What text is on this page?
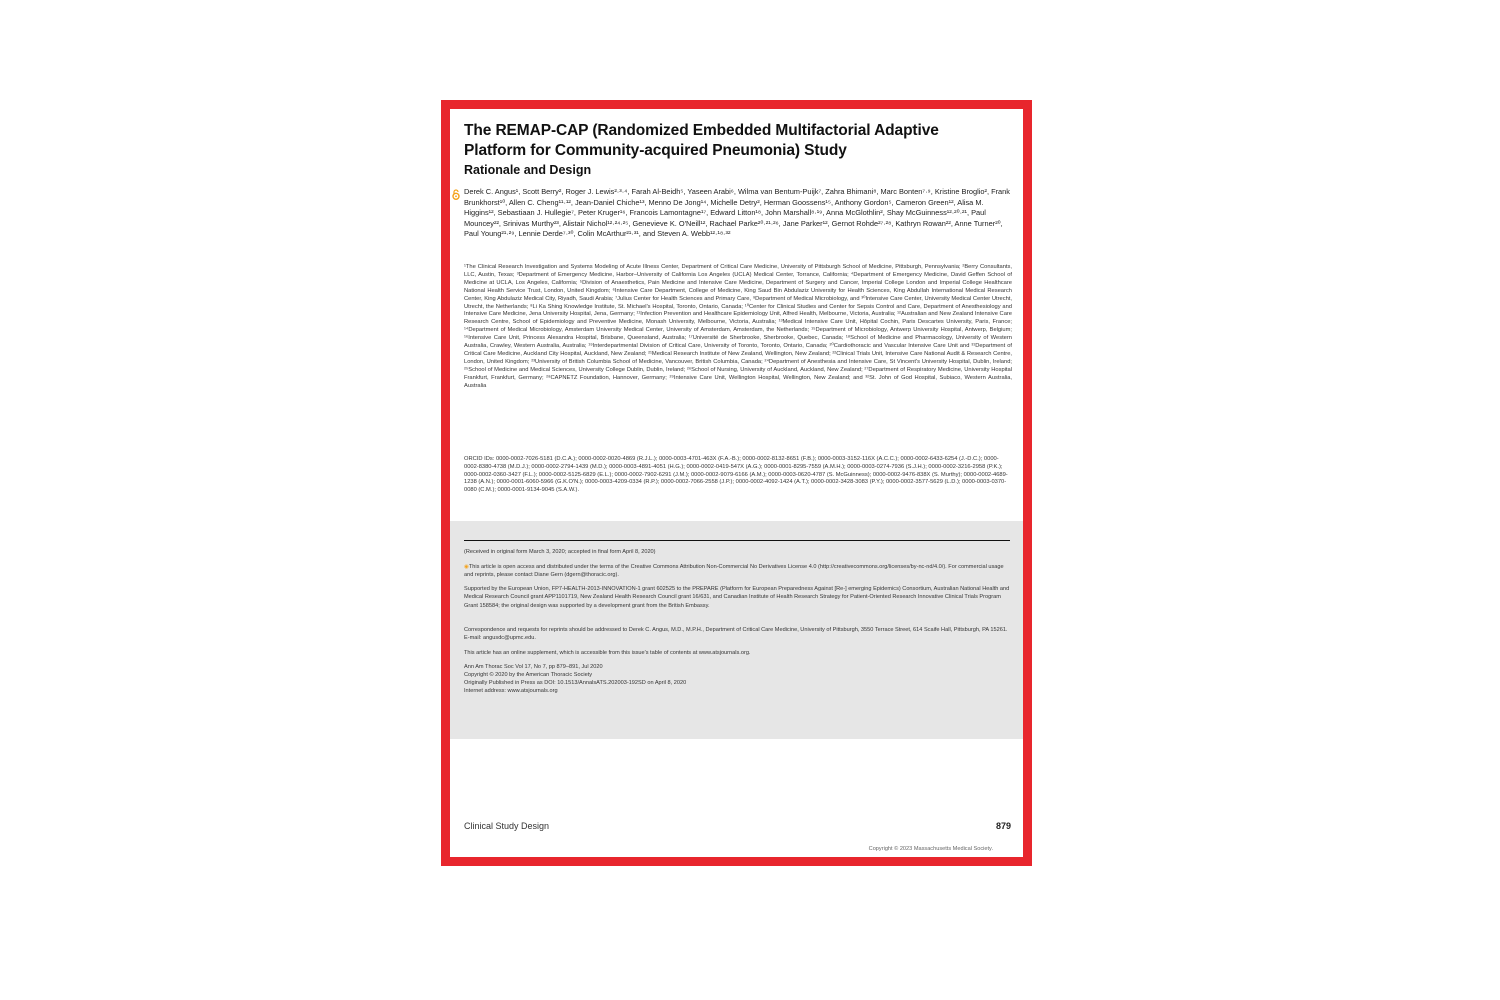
The REMAP-CAP (Randomized Embedded Multifactorial Adaptive Platform for Community-acquired Pneumonia) Study
Rationale and Design
Derek C. Angus¹, Scott Berry², Roger J. Lewis²·³·⁴, Farah Al-Beidh⁵, Yaseen Arabi⁶, Wilma van Bentum-Puijk⁷, Zahra Bhimani⁸, Marc Bonten⁷·⁹, Kristine Broglio², Frank Brunkhorst¹⁰, Allen C. Cheng¹¹·¹², Jean-Daniel Chiche¹³, Menno De Jong¹⁴, Michelle Detry², Herman Goossens¹⁵, Anthony Gordon⁵, Cameron Green¹², Alisa M. Higgins¹², Sebastiaan J. Hullegie⁷, Peter Kruger¹⁶, Francois Lamontagne¹⁷, Edward Litton¹⁸, John Marshall⁸·¹⁹, Anna McGlothlin², Shay McGuinness¹²·²⁰·²¹, Paul Mouncey²², Srinivas Murthy²³, Alistair Nichol¹²·²⁴·²⁵, Genevieve K. O'Neill¹², Rachael Parke²⁰·²¹·²⁶, Jane Parker¹², Gernot Rohde²⁷·²⁸, Kathryn Rowan²², Anne Turner²⁰, Paul Young²¹·²⁹, Lennie Derde⁷·³⁰, Colin McArthur²¹·³¹, and Steven A. Webb¹²·¹⁸·³²
¹The Clinical Research Investigation and Systems Modeling of Acute Illness Center, Department of Critical Care Medicine, University of Pittsburgh School of Medicine, Pittsburgh, Pennsylvania; ²Berry Consultants, LLC, Austin, Texas; ³Department of Emergency Medicine, Harbor–University of California Los Angeles (UCLA) Medical Center, Torrance, California; ⁴Department of Emergency Medicine, David Geffen School of Medicine at UCLA, Los Angeles, California; ⁵Division of Anaesthetics, Pain Medicine and Intensive Care Medicine, Department of Surgery and Cancer, Imperial College London and Imperial College Healthcare National Health Service Trust, London, United Kingdom; ⁶Intensive Care Department, College of Medicine, King Saud Bin Abdulaziz University for Health Sciences, King Abdullah International Medical Research Center, King Abdulaziz Medical City, Riyadh, Saudi Arabia; ⁷Julius Center for Health Sciences and Primary Care, ⁹Department of Medical Microbiology, and ³⁰Intensive Care Center, University Medical Center Utrecht, Utrecht, the Netherlands; ⁸Li Ka Shing Knowledge Institute, St. Michael's Hospital, Toronto, Ontario, Canada; ¹⁰Center for Clinical Studies and Center for Sepsis Control and Care, Department of Anesthesiology and Intensive Care Medicine, Jena University Hospital, Jena, Germany; ¹¹Infection Prevention and Healthcare Epidemiology Unit, Alfred Health, Melbourne, Victoria, Australia; ¹²Australian and New Zealand Intensive Care Research Centre, School of Epidemiology and Preventive Medicine, Monash University, Melbourne, Victoria, Australia; ¹³Medical Intensive Care Unit, Hôpital Cochin, Paris Descartes University, Paris, France; ¹⁴Department of Medical Microbiology, Amsterdam University Medical Center, University of Amsterdam, Amsterdam, the Netherlands; ¹⁵Department of Microbiology, Antwerp University Hospital, Antwerp, Belgium; ¹⁶Intensive Care Unit, Princess Alexandra Hospital, Brisbane, Queensland, Australia; ¹⁷Université de Sherbrooke, Sherbrooke, Quebec, Canada; ¹⁸School of Medicine and Pharmacology, University of Western Australia, Crawley, Western Australia, Australia; ¹⁹Interdepartmental Division of Critical Care, University of Toronto, Toronto, Ontario, Canada; ²⁰Cardiothoracic and Vascular Intensive Care Unit and ³¹Department of Critical Care Medicine, Auckland City Hospital, Auckland, New Zealand; ²¹Medical Research Institute of New Zealand, Wellington, New Zealand; ²²Clinical Trials Unit, Intensive Care National Audit & Research Centre, London, United Kingdom; ²³University of British Columbia School of Medicine, Vancouver, British Columbia, Canada; ²⁴Department of Anesthesia and Intensive Care, St Vincent's University Hospital, Dublin, Ireland; ²⁵School of Medicine and Medical Sciences, University College Dublin, Dublin, Ireland; ²⁶School of Nursing, University of Auckland, Auckland, New Zealand; ²⁷Department of Respiratory Medicine, University Hospital Frankfurt, Frankfurt, Germany; ²⁸CAPNETZ Foundation, Hannover, Germany; ²⁹Intensive Care Unit, Wellington Hospital, Wellington, New Zealand; and ³²St. John of God Hospital, Subiaco, Western Australia, Australia
ORCID IDs: 0000-0002-7026-5181 (D.C.A.); 0000-0002-0020-4869 (R.J.L.); 0000-0003-4701-463X (F.A.-B.); 0000-0002-8132-8651 (F.B.); 0000-0003-3152-116X (A.C.C.); 0000-0002-6433-6254 (J.-D.C.); 0000-0002-8380-4738 (M.D.J.); 0000-0002-2794-1439 (M.D.); 0000-0003-4891-4051 (H.G.); 0000-0002-0419-547X (A.G.); 0000-0001-8295-7559 (A.M.H.); 0000-0003-0274-7936 (S.J.H.); 0000-0002-3216-2958 (P.K.); 0000-0002-0360-3427 (F.L.); 0000-0002-5125-6829 (E.L.); 0000-0002-7902-6291 (J.M.); 0000-0002-9079-6166 (A.M.); 0000-0003-0620-4787 (S. McGuinness); 0000-0002-9476-838X (S. Murthy); 0000-0002-4689-1238 (A.N.); 0000-0001-6060-5966 (G.K.O'N.); 0000-0003-4209-0334 (R.P.); 0000-0002-7066-2558 (J.P.); 0000-0002-4092-1424 (A.T.); 0000-0002-3428-3083 (P.Y.); 0000-0002-3577-5629 (L.D.); 0000-0003-0370-0080 (C.M.); 0000-0001-9134-9045 (S.A.W.).
(Received in original form March 3, 2020; accepted in final form April 8, 2020)
◉This article is open access and distributed under the terms of the Creative Commons Attribution Non-Commercial No Derivatives License 4.0 (http://creativecommons.org/licenses/by-nc-nd/4.0/). For commercial usage and reprints, please contact Diane Gern (dgern@thoracic.org).
Supported by the European Union, FP7-HEALTH-2013-INNOVATION-1 grant 602525 to the PREPARE (Platform for European Preparedness Against [Re-] emerging Epidemics) Consortium, Australian National Health and Medical Research Council grant APP1101719, New Zealand Health Research Council grant 16/631, and Canadian Institute of Health Research Strategy for Patient-Oriented Research Innovative Clinical Trials Program Grant 158584; the original design was supported by a development grant from the British Embassy.
Correspondence and requests for reprints should be addressed to Derek C. Angus, M.D., M.P.H., Department of Critical Care Medicine, University of Pittsburgh, 3550 Terrace Street, 614 Scaife Hall, Pittsburgh, PA 15261. E-mail: angusdc@upmc.edu.
This article has an online supplement, which is accessible from this issue's table of contents at www.atsjournals.org.
Ann Am Thorac Soc Vol 17, No 7, pp 879–891, Jul 2020
Copyright © 2020 by the American Thoracic Society
Originally Published in Press as DOI: 10.1513/AnnalsATS.202003-192SD on April 8, 2020
Internet address: www.atsjournals.org
Clinical Study Design	879
Copyright © 2023 Massachusetts Medical Society.
